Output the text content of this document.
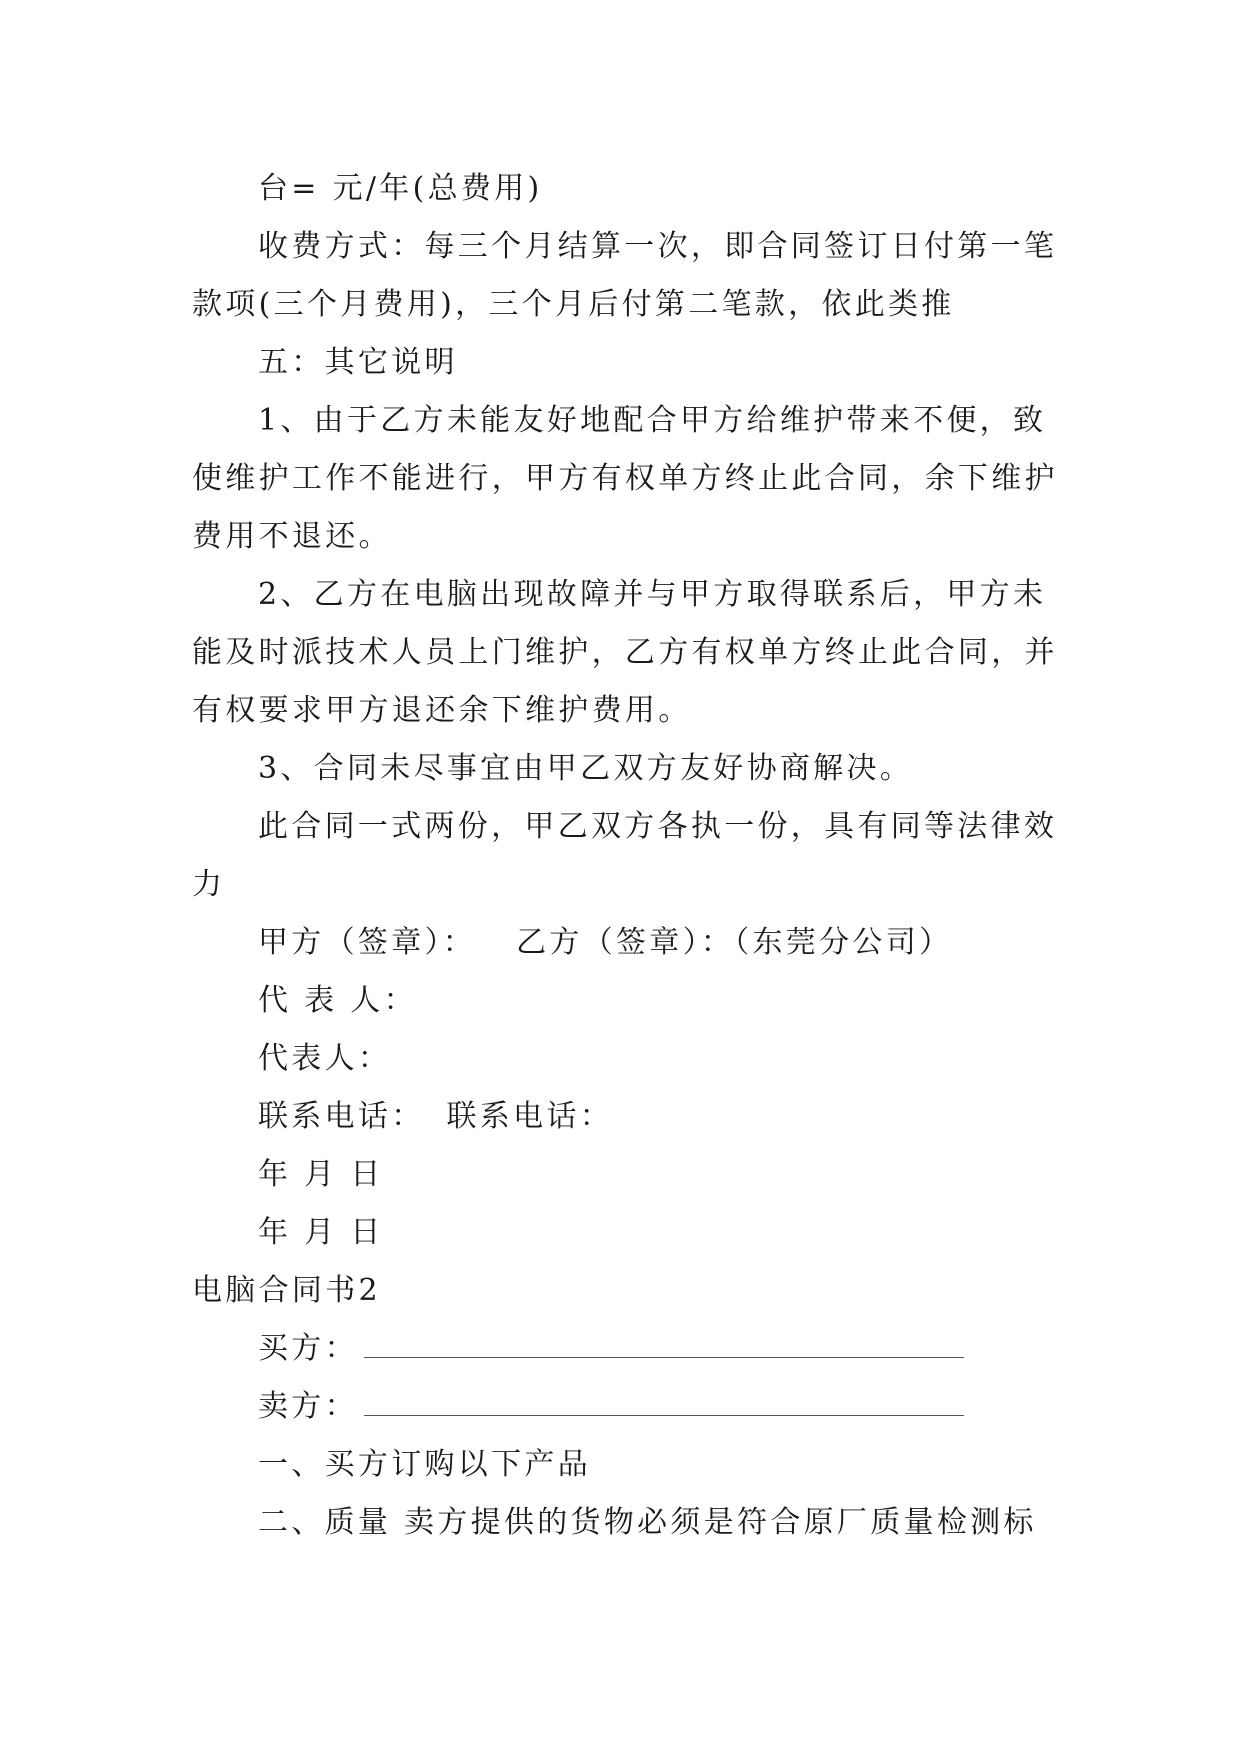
台= 元/年(总费用)
收费方式：每三个月结算一次，即合同签订日付第一笔
款项(三个月费用)，三个月后付第二笔款，依此类推
五：其它说明
1、由于乙方未能友好地配合甲方给维护带来不便，致
使维护工作不能进行，甲方有权单方终止此合同，余下维护
费用不退还。
2、乙方在电脑出现故障并与甲方取得联系后，甲方未
能及时派技术人员上门维护，乙方有权单方终止此合同，并
有权要求甲方退还余下维护费用。
3、合同未尽事宜由甲乙双方友好协商解决。
此合同一式两份，甲乙双方各执一份，具有同等法律效
力
甲方（签章）： 乙方（签章）：（东莞分公司）
代 表 人：
代表人：
联系电话： 联系电话：
年 月 日
年 月 日
电脑合同书2
买方：
卖方：
一、买方订购以下产品
二、质量 卖方提供的货物必须是符合原厂质量检测标
